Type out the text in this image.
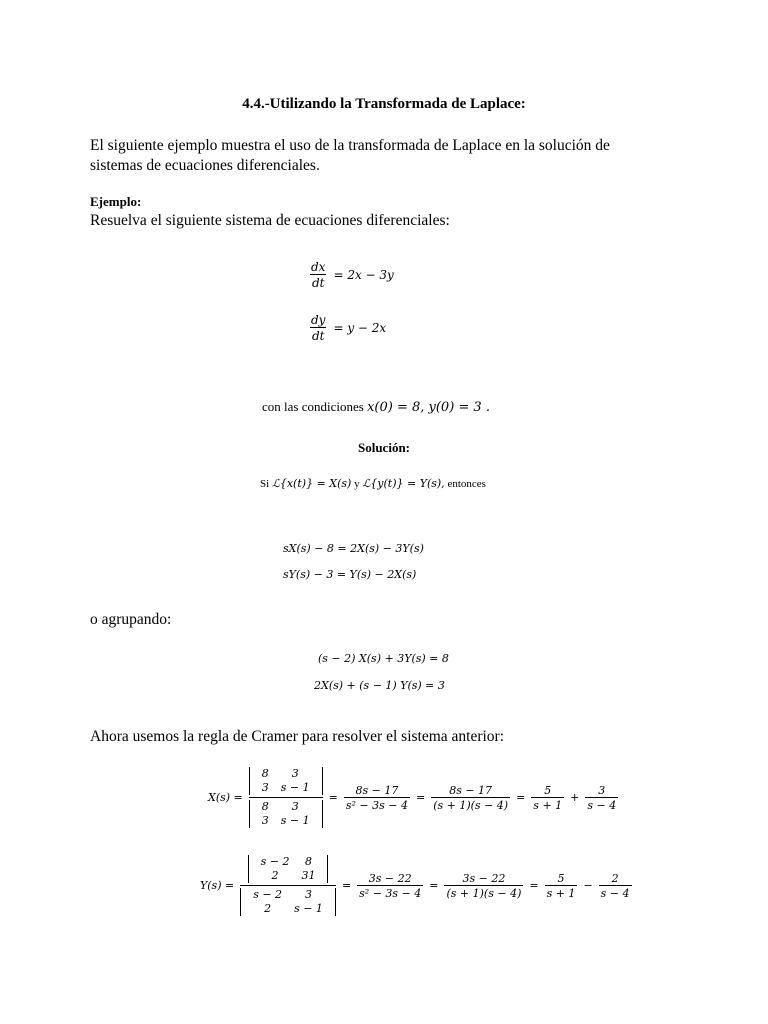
4.4.-Utilizando la Transformada de Laplace:
El siguiente ejemplo muestra el uso de la transformada de Laplace en la solución de
sistemas de ecuaciones diferenciales.
Ejemplo:
Resuelva el siguiente sistema de ecuaciones diferenciales:
$\frac{dx}{dt} = 2x - 3y$
$\frac{dy}{dt} = y - 2x$
con las condiciones x(0) = 8, y(0) = 3 .
Solución:
Si ℒ{x(t)} = X(s) y ℒ{y(t)} = Y(s), entonces
sX(s) − 8 = 2X(s) − 3Y(s)
sY(s) − 3 = Y(s) − 2X(s)
o agrupando:
(s − 2) X(s) + 3Y(s) = 8
2X(s) + (s − 1) Y(s) = 3
Ahora usemos la regla de Cramer para resolver el sistema anterior:
X(s) = 8	3
3	s − 1
8	3
3	$s - 1 = \frac{8s - 17}{\text{s² − 3s − 4}} = \frac{8s - 17}{(s + 1)(s - 4)} = \frac{5}{s + 1} + \frac{3}{s - 4}$
Y(s) = s − 2	8
2	31
s − 2	3
2	$s - 1 = \frac{3s - 22}{\text{s² − 3s − 4}} = \frac{3s - 22}{(s + 1)(s - 4)} = \frac{5}{s + 1} - \frac{2}{s - 4}$
